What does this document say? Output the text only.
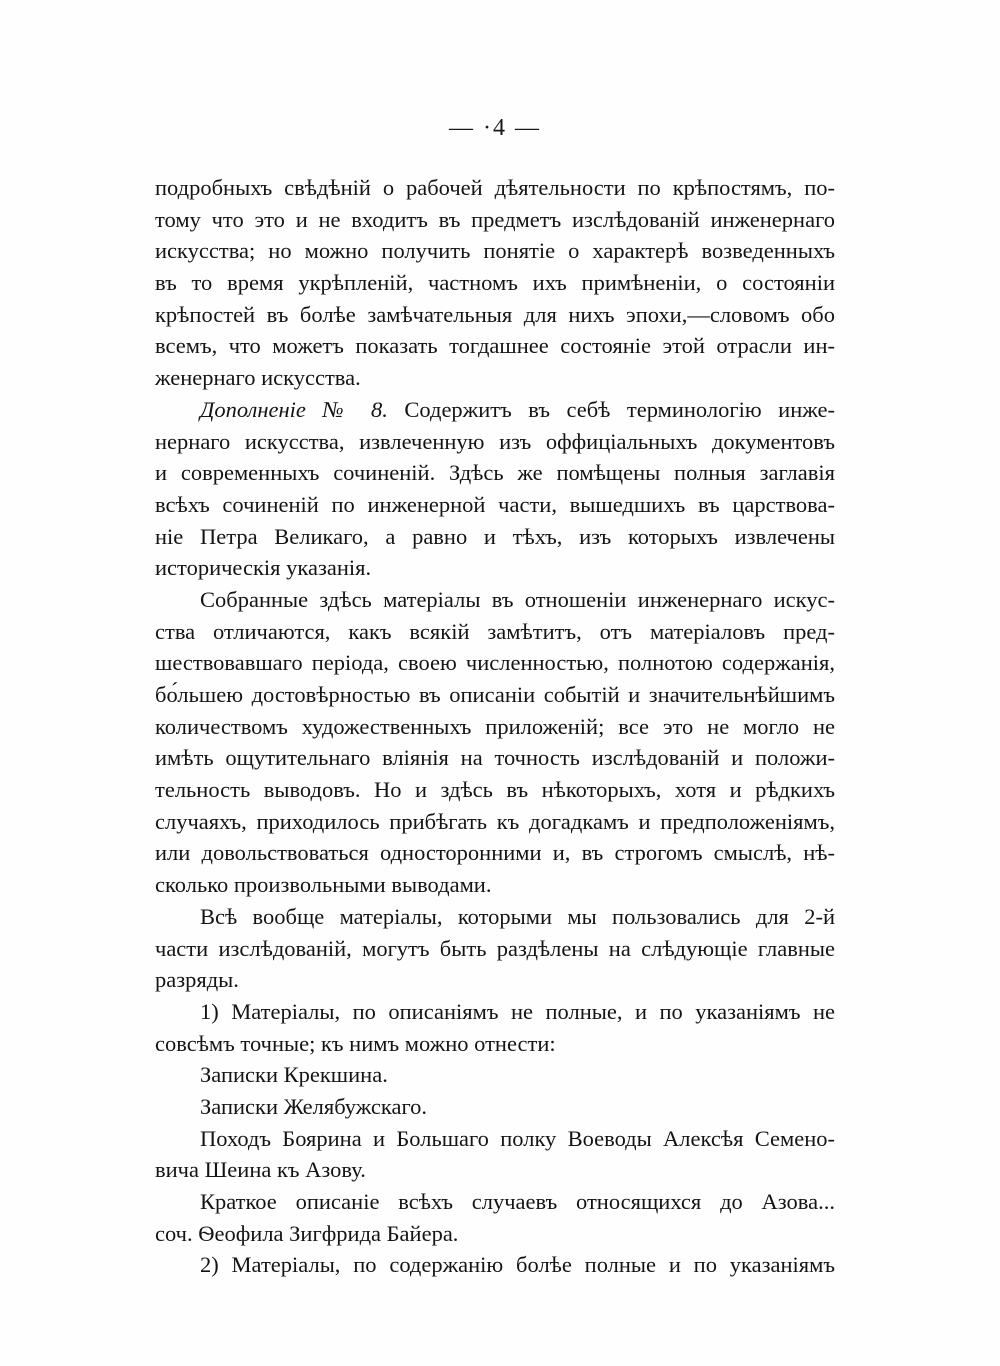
— ·4 —
подробныхъ свѣдѣній о рабочей дѣятельности по крѣпостямъ, по-
тому что это и не входитъ въ предметъ изслѣдованій инженернаго
искусства; но можно получить понятіе о характерѣ возведенныхъ
въ то время укрѣпленій, частномъ ихъ примѣненіи, о состояніи
крѣпостей въ болѣе замѣчательныя для нихъ эпохи,—словомъ обо
всемъ, что можетъ показать тогдашнее состояніе этой отрасли ин-
женернаго искусства.
Дополненіе № 8. Содержитъ въ себѣ терминологію инже-
нернаго искусства, извлеченную изъ оффиціальныхъ документовъ
и современныхъ сочиненій. Здѣсь же помѣщены полныя заглавія
всѣхъ сочиненій по инженерной части, вышедшихъ въ царствова-
ніе Петра Великаго, а равно и тѣхъ, изъ которыхъ извлечены
историческія указанія.
Собранные здѣсь матеріалы въ отношеніи инженернаго искус-
ства отличаются, какъ всякій замѣтитъ, отъ матеріаловъ пред-
шествовавшаго періода, своею численностью, полнотою содержанія,
бо́льшею достовѣрностью въ описаніи событій и значительнѣйшимъ
количествомъ художественныхъ приложеній; все это не могло не
имѣть ощутительнаго вліянія на точность изслѣдованій и положи-
тельность выводовъ. Но и здѣсь въ нѣкоторыхъ, хотя и рѣдкихъ
случаяхъ, приходилось прибѣгать къ догадкамъ и предположеніямъ,
или довольствоваться односторонними и, въ строгомъ смыслѣ, нѣ-
сколько произвольными выводами.
Всѣ вообще матеріалы, которыми мы пользовались для 2-й
части изслѣдованій, могутъ быть раздѣлены на слѣдующіе главные
разряды.
1) Матеріалы, по описаніямъ не полные, и по указаніямъ не
совсѣмъ точные; къ нимъ можно отнести:
Записки Крекшина.
Записки Желябужскаго.
Походъ Боярина и Большаго полку Воеводы Алексѣя Семено-
вича Шеина къ Азову.
Краткое описаніе всѣхъ случаевъ относящихся до Азова...
соч. Ѳеофила Зигфрида Байера.
2) Матеріалы, по содержанію болѣе полные и по указаніямъ
